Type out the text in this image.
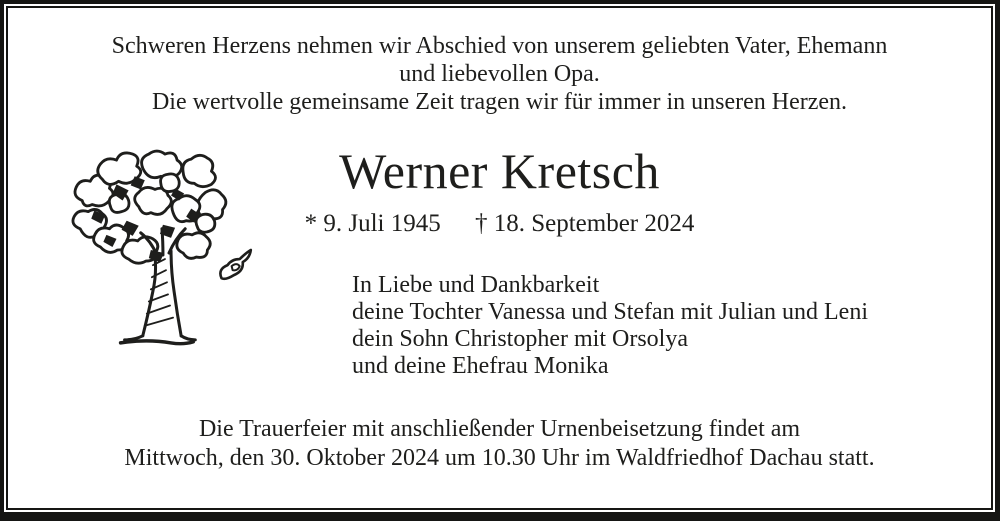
Schweren Herzens nehmen wir Abschied von unserem geliebten Vater, Ehemann
und liebevollen Opa.
Die wertvolle gemeinsame Zeit tragen wir für immer in unseren Herzen.
Werner Kretsch
* 9. Juli 1945 † 18. September 2024
In Liebe und Dankbarkeit
deine Tochter Vanessa und Stefan mit Julian und Leni
dein Sohn Christopher mit Orsolya
und deine Ehefrau Monika
Die Trauerfeier mit anschließender Urnenbeisetzung findet am
Mittwoch, den 30. Oktober 2024 um 10.30 Uhr im Waldfriedhof Dachau statt.
